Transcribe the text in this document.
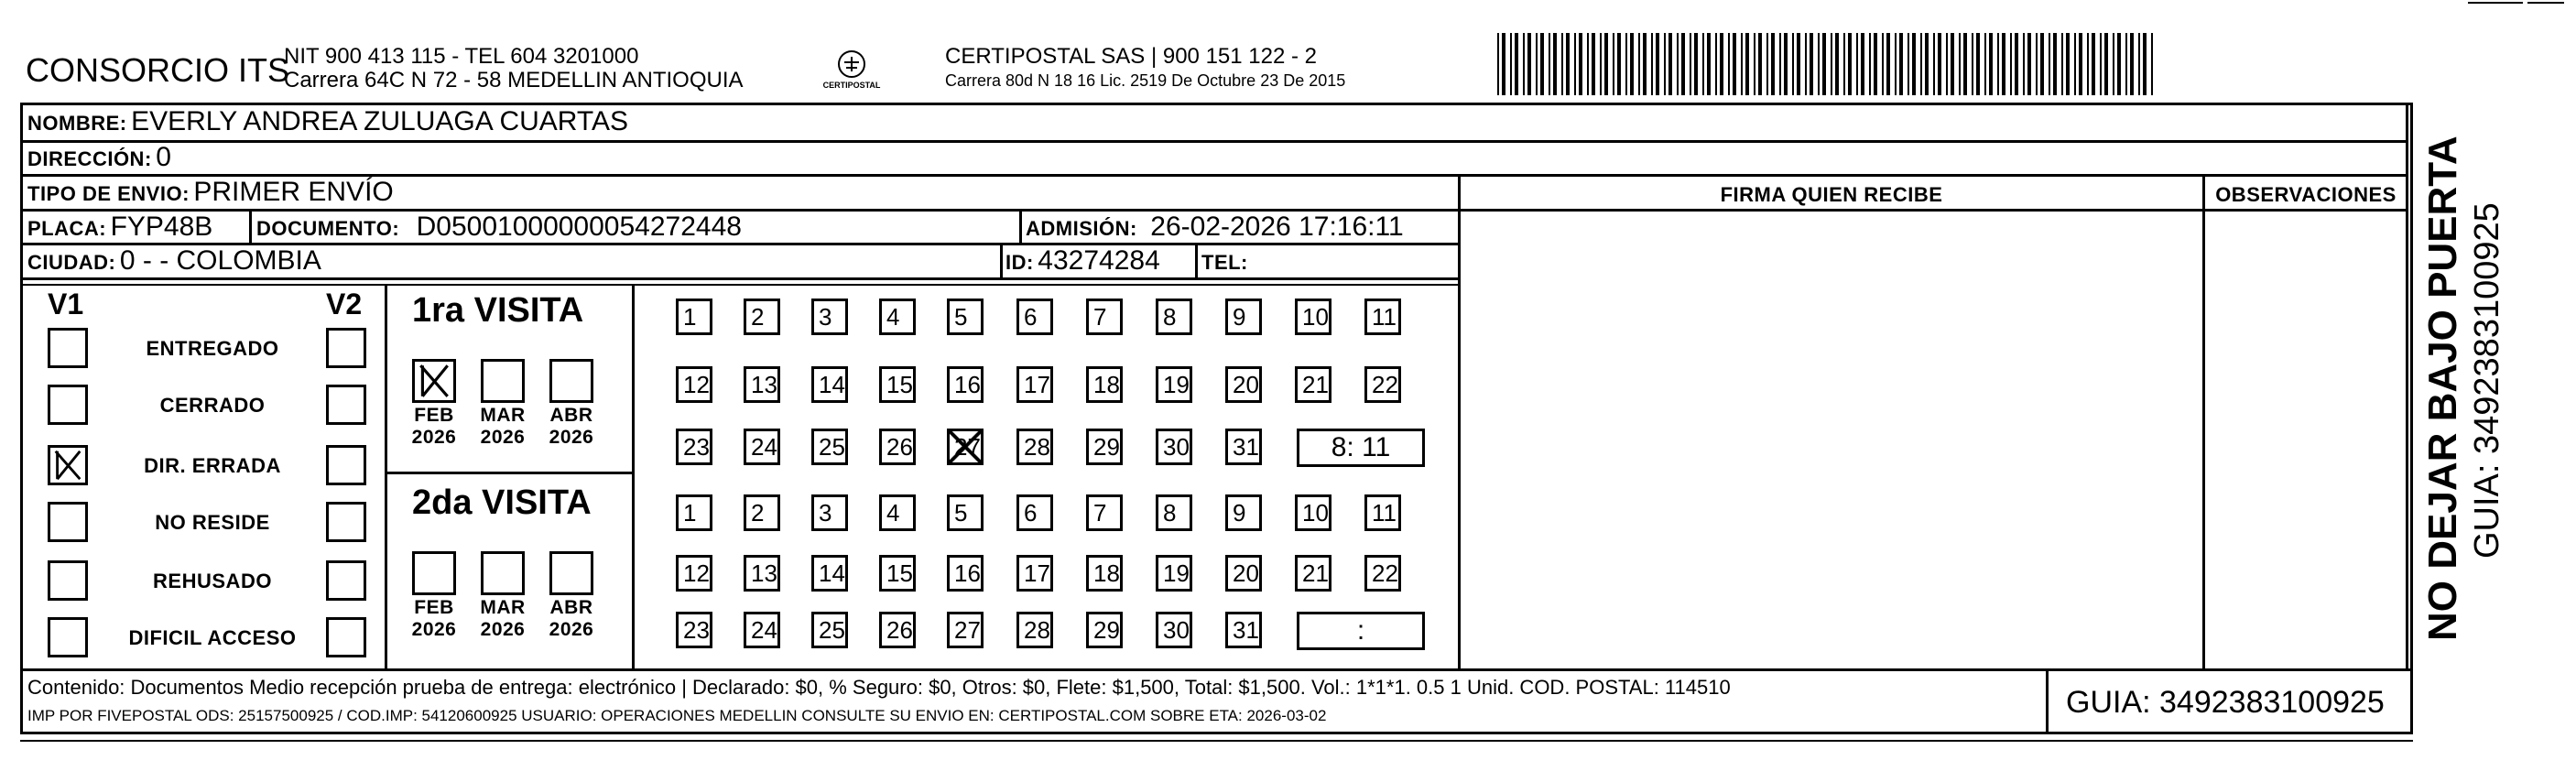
CONSORCIO ITS
NIT 900 413 115 - TEL 604 3201000
Carrera 64C N 72 - 58 MEDELLIN ANTIOQUIA	CERTIPOSTAL
CERTIPOSTAL SAS | 900 151 122 - 2
Carrera 80d N 18 16 Lic. 2519 De Octubre 23 De 2015
NOMBRE: EVERLY ANDREA ZULUAGA CUARTAS
DIRECCIÓN: 0
TIPO DE ENVIO: PRIMER ENVÍO	FIRMA QUIEN RECIBE	OBSERVACIONES
PLACA: FYP48B DOCUMENTO: D05001000000054272448	ADMISIÓN: 26-02-2026 17:16:11
CIUDAD: 0 - - COLOMBIA	ID: 43274284 TEL:
V1	V2 1ra VISITA
2da VISITA	NO DEJAR BAJO PUERTA GUIA: 3492383100925
Contenido: Documentos Medio recepción prueba de entrega: electrónico | Declarado: $0, % Seguro: $0, Otros: $0, Flete: $1,500, Total: $1,500. Vol.: 1*1*1. 0.5 1 Unid. COD. POSTAL: 114510
IMP POR FIVEPOSTAL ODS: 25157500925 / COD.IMP: 54120600925 USUARIO: OPERACIONES MEDELLIN CONSULTE SU ENVIO EN: CERTIPOSTAL.COM SOBRE ETA: 2026-03-02	GUIA: 3492383100925
ENTREGADO
CERRADO
DIR. ERRADA
NO RESIDE
REHUSADO
DIFICIL ACCESO
FEB
2026
MAR
2026
ABR
2026
FEB
2026
MAR
2026
ABR
2026
1	2	3	4	5	6	7	8	9	10	11
12	13	14	15	16	17	18	19	20	21	22
23	24	25	26	27	28	29	30	31	8: 11
1	2	3	4	5	6	7	8	9	10	11
12	13	14	15	16	17	18	19	20	21	22
23	24	25	26	27	28	29	30	31	:
